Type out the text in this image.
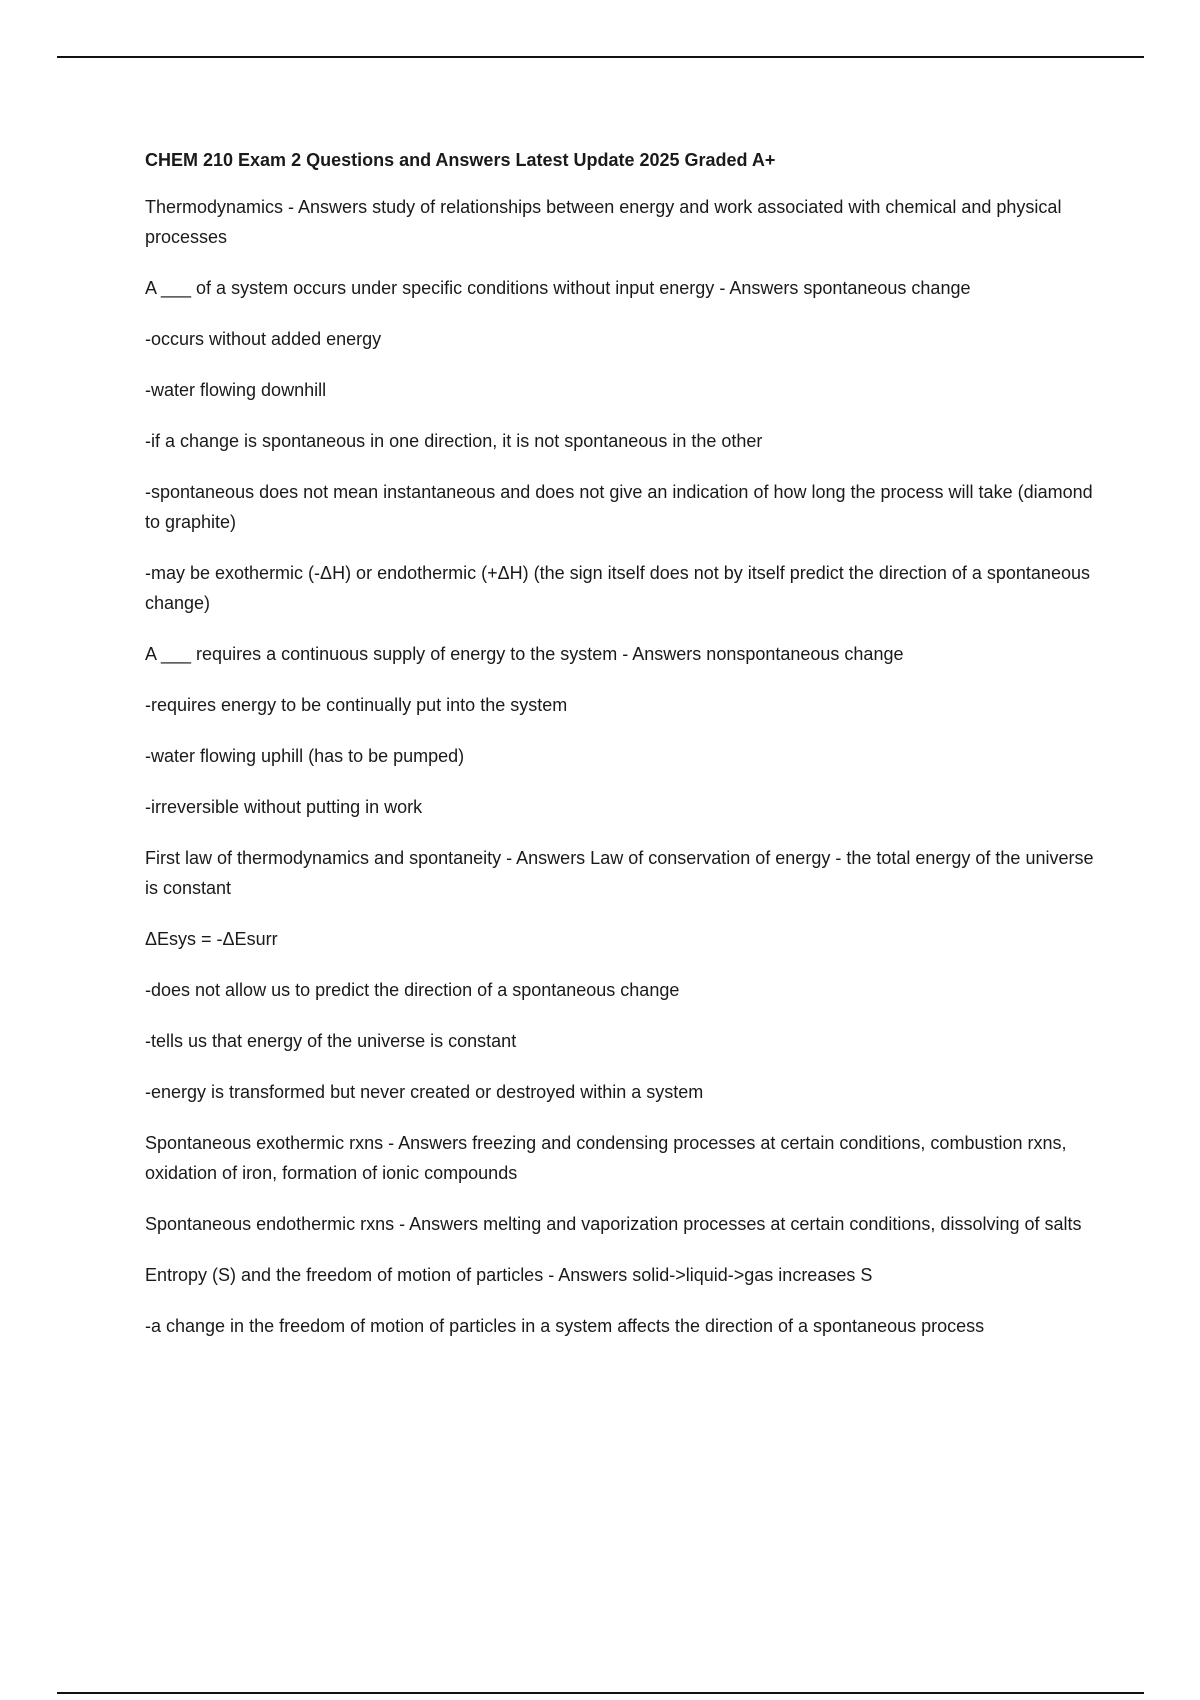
CHEM 210 Exam 2 Questions and Answers Latest Update 2025 Graded A+

Thermodynamics - Answers study of relationships between energy and work associated with chemical and physical processes

A ___ of a system occurs under specific conditions without input energy - Answers spontaneous change

-occurs without added energy

-water flowing downhill

-if a change is spontaneous in one direction, it is not spontaneous in the other

-spontaneous does not mean instantaneous and does not give an indication of how long the process will take (diamond to graphite)

-may be exothermic (-ΔH) or endothermic (+ΔH) (the sign itself does not by itself predict the direction of a spontaneous change)

A ___ requires a continuous supply of energy to the system - Answers nonspontaneous change

-requires energy to be continually put into the system

-water flowing uphill (has to be pumped)

-irreversible without putting in work

First law of thermodynamics and spontaneity - Answers Law of conservation of energy - the total energy of the universe is constant

ΔEsys = -ΔEsurr

-does not allow us to predict the direction of a spontaneous change

-tells us that energy of the universe is constant

-energy is transformed but never created or destroyed within a system

Spontaneous exothermic rxns - Answers freezing and condensing processes at certain conditions, combustion rxns, oxidation of iron, formation of ionic compounds

Spontaneous endothermic rxns - Answers melting and vaporization processes at certain conditions, dissolving of salts

Entropy (S) and the freedom of motion of particles - Answers solid->liquid->gas increases S

-a change in the freedom of motion of particles in a system affects the direction of a spontaneous process
